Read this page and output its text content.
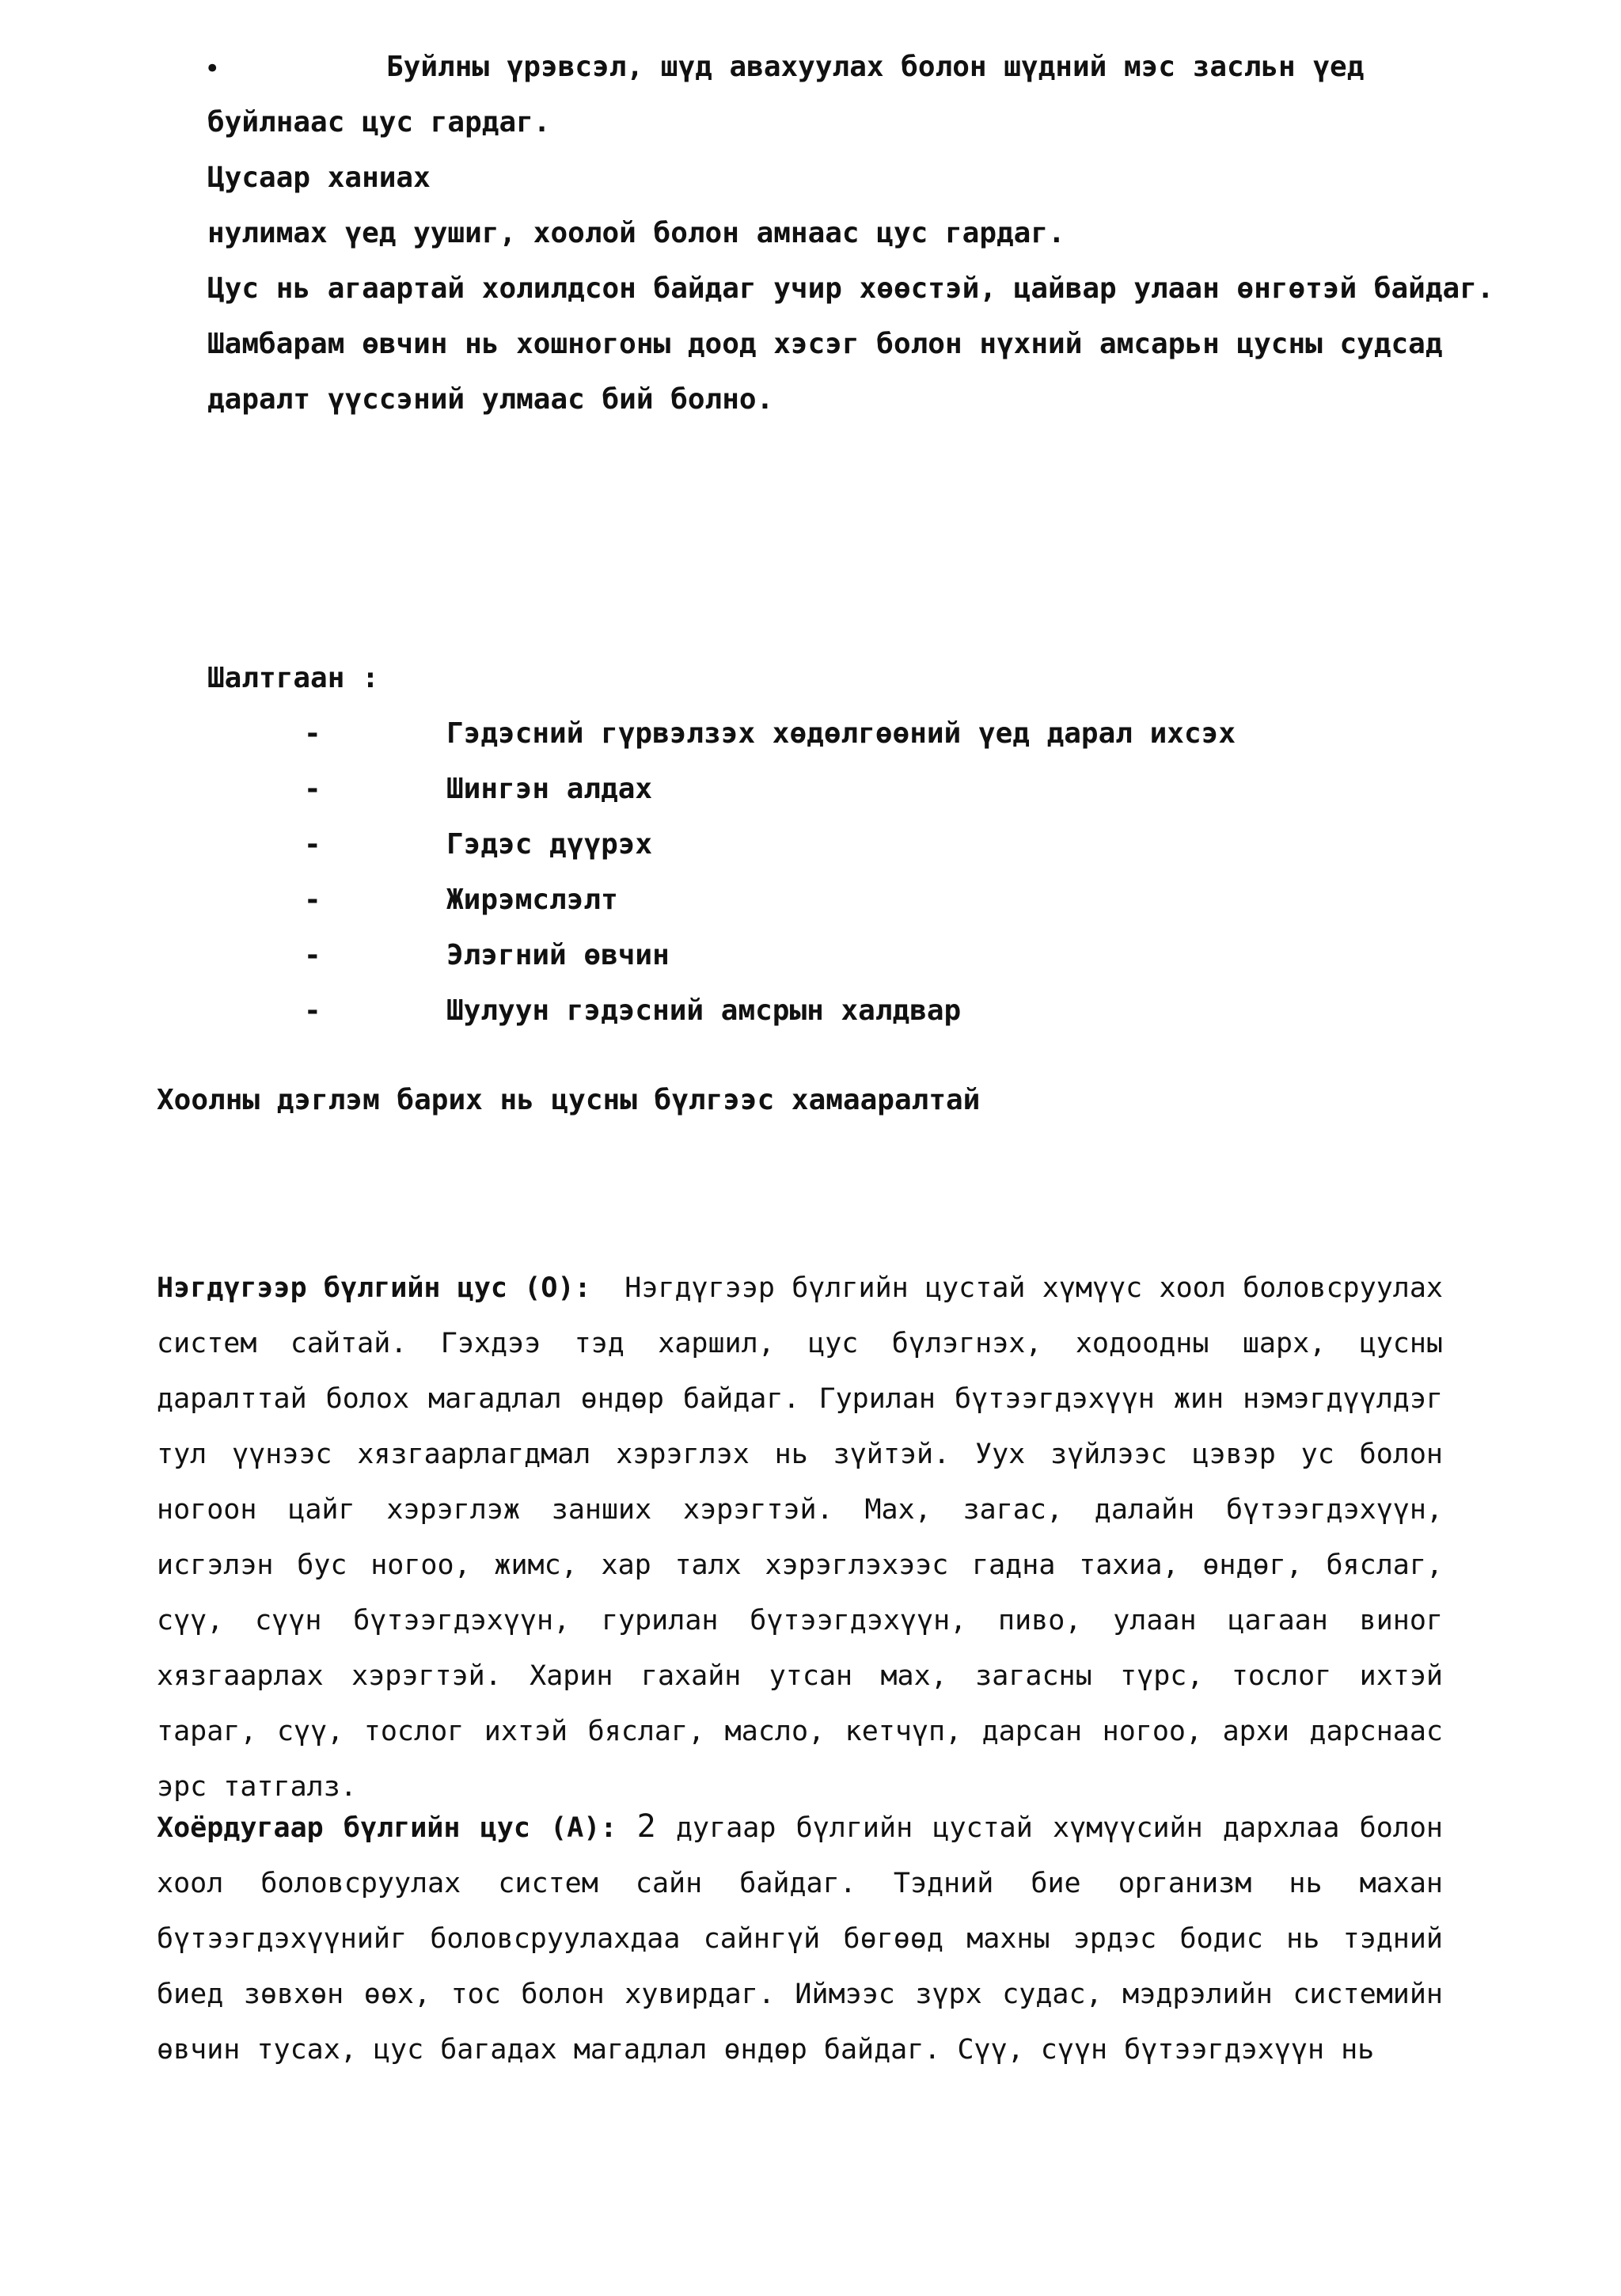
•	Буйлны үрэвсэл, шүд авахуулах болон шүдний мэс засльн үед
буйлнаас цус гардаг.
Цусаар ханиах
нулимах үед уушиг, хоолой болон амнаас цус гардаг.
Цус нь агаартай холилдсон байдаг учир хөөстэй, цайвар улаан өнгөтэй байдаг.
Шамбарам өвчин нь хошногоны доод хэсэг болон нүхний амсарьн цусны судсад
даралт үүссэний улмаас бий болно.
Шалтгаан :
-	Гэдэсний гүрвэлзэх хөдөлгөөний үед дарал ихсэх
-	Шингэн алдах
-	Гэдэс дүүрэх
-	Жирэмслэлт
-	Элэгний өвчин
-	Шулуун гэдэсний амсрын халдвар
Хоолны дэглэм барих нь цусны бүлгээс хамааралтай
Нэгдүгээр бүлгийн цус (О): Нэгдүгээр бүлгийн цустай хүмүүс хоол боловсруулах систем сайтай. Гэхдээ тэд харшил, цус бүлэгнэх, ходоодны шарх, цусны даралттай болох магадлал өндөр байдаг. Гурилан бүтээгдэхүүн жин нэмэгдүүлдэг тул үүнээс хязгаарлагдмал хэрэглэх нь зүйтэй. Уух зүйлээс цэвэр ус болон ногоон цайг хэрэглэж занших хэрэгтэй. Мах, загас, далайн бүтээгдэхүүн, исгэлэн бус ногоо, жимс, хар талх хэрэглэхээс гадна тахиа, өндөг, бяслаг, сүү, сүүн бүтээгдэхүүн, гурилан бүтээгдэхүүн, пиво, улаан цагаан виног хязгаарлах хэрэгтэй. Харин гахайн утсан мах, загасны түрс, тослог ихтэй тараг, сүү, тослог ихтэй бяслаг, масло, кетчүп, дарсан ногоо, архи дарснаас эрс татгалз.
Хоёрдугаар бүлгийн цус (А): 2 дугаар бүлгийн цустай хүмүүсийн дархлаа болон хоол боловсруулах систем сайн байдаг. Тэдний бие организм нь махан бүтээгдэхүүнийг боловсруулахдаа сайнгүй бөгөөд махны эрдэс бодис нь тэдний биед зөвхөн өөх, тос болон хувирдаг. Иймээс зүрх судас, мэдрэлийн системийн өвчин тусах, цус багадах магадлал өндөр байдаг. Сүү, сүүн бүтээгдэхүүн нь
